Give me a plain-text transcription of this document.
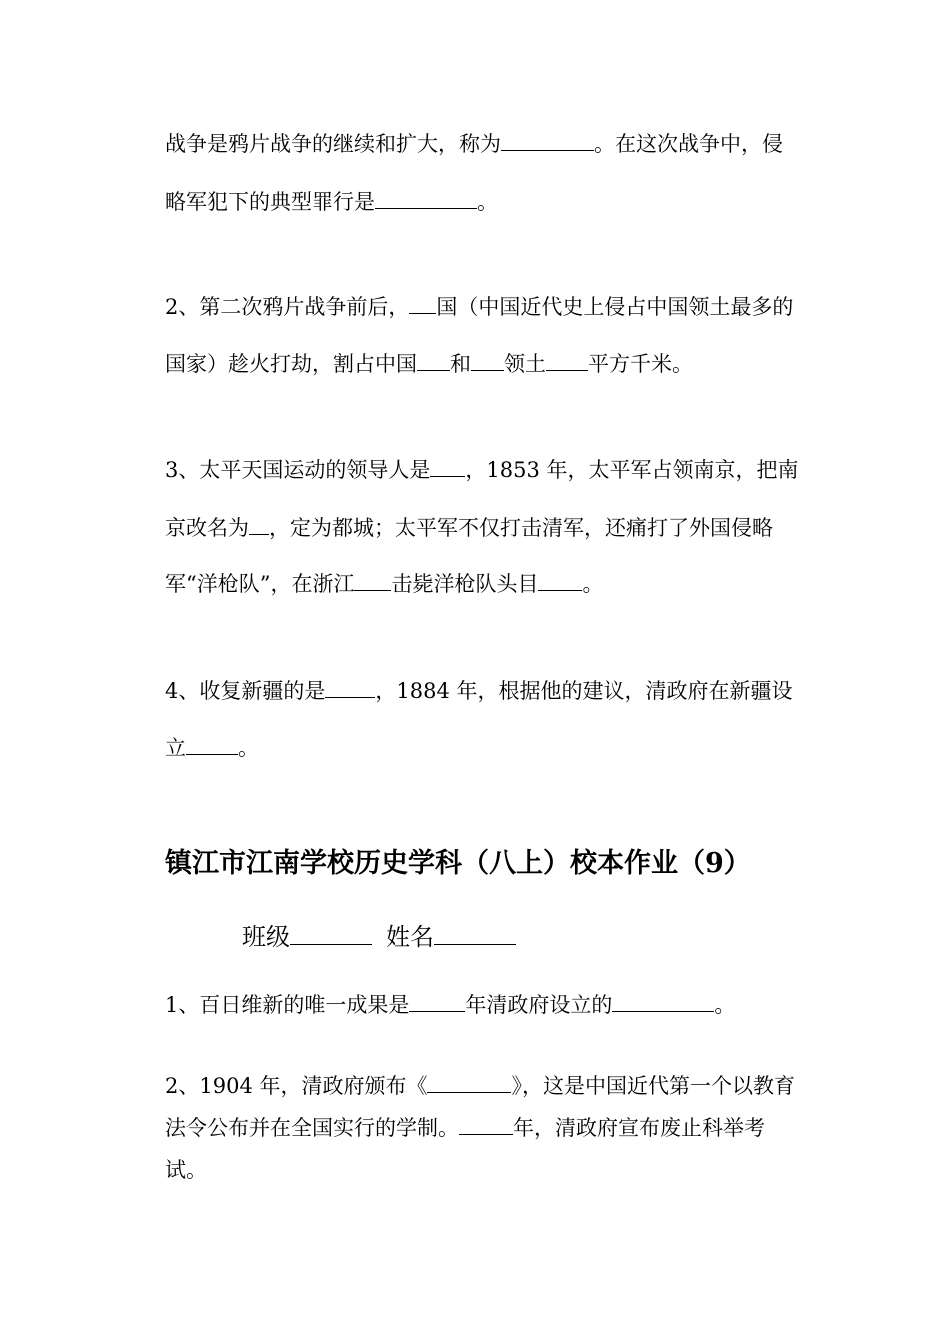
战争是鸦片战争的继续和扩大，称为	。在这次战争中，侵
略军犯下的典型罪行是	。
2、第二次鸦片战争前后， 国（中国近代史上侵占中国领土最多的
国家）趁火打劫，割占中国 和 领土 平方千米。
3、太平天国运动的领导人是 ，1853 年，太平军占领南京，把南
京改名为 ，定为都城；太平军不仅打击清军，还痛打了外国侵略
军“洋枪队”，在浙江 击毙洋枪队头目 。
4、收复新疆的是 ，1884 年，根据他的建议，清政府在新疆设
立 。
镇江市江南学校历史学科（八上）校本作业（9）
班级	姓名
1、百日维新的唯一成果是	年清政府设立的	。
2、1904 年，清政府颁布《	》，这是中国近代第一个以教育
法令公布并在全国实行的学制。	年，清政府宣布废止科举考
试。
